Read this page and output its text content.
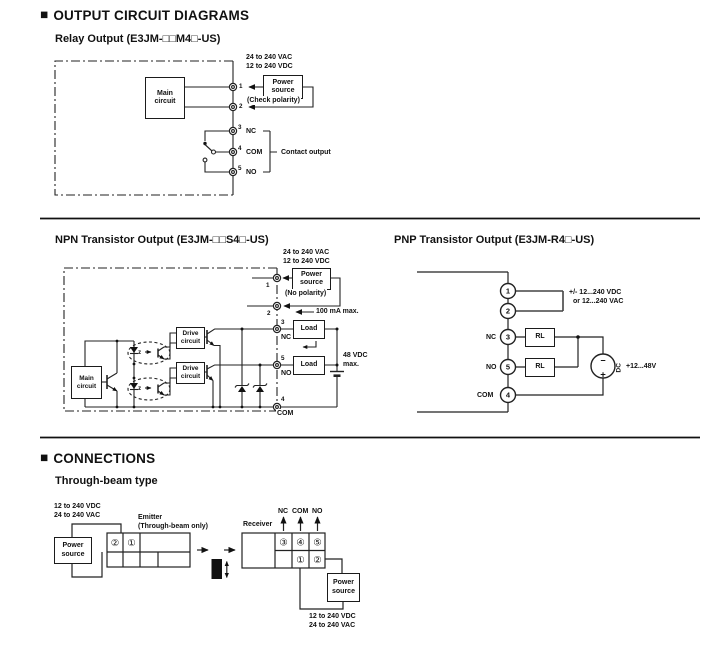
1
2
3
5
4
−
+
DC
② ①	③ ④ ⑤
① ②
■ OUTPUT CIRCUIT DIAGRAMS
Relay Output (E3JM-□□M4□-US)
24 to 240 VAC
12 to 240 VDC
Power
source
(Check polarity)
Main
circuit
1
2
3
NC
4
COM
5
NO
Contact output
NPN Transistor Output (E3JM-□□S4□-US)
24 to 240 VAC
12 to 240 VDC
Power
source
(No polarity)
100 mA max.
Load
Load
48 VDC
max.
Main
circuit
Drive
circuit
Drive
circuit
z
z
1
2
3
NC
5
NO
4
COM
PNP Transistor Output (E3JM-R4□-US)
+/- 12...240 VDC
or 12...240 VAC
NC	RL
NO	RL
COM
+12...48V
■ CONNECTIONS
Through-beam type
12 to 240 VDC
24 to 240 VAC
Power
source
Emitter
(Through-beam only)	Receiver
NC COM NO
Power
source
12 to 240 VDC
24 to 240 VAC
